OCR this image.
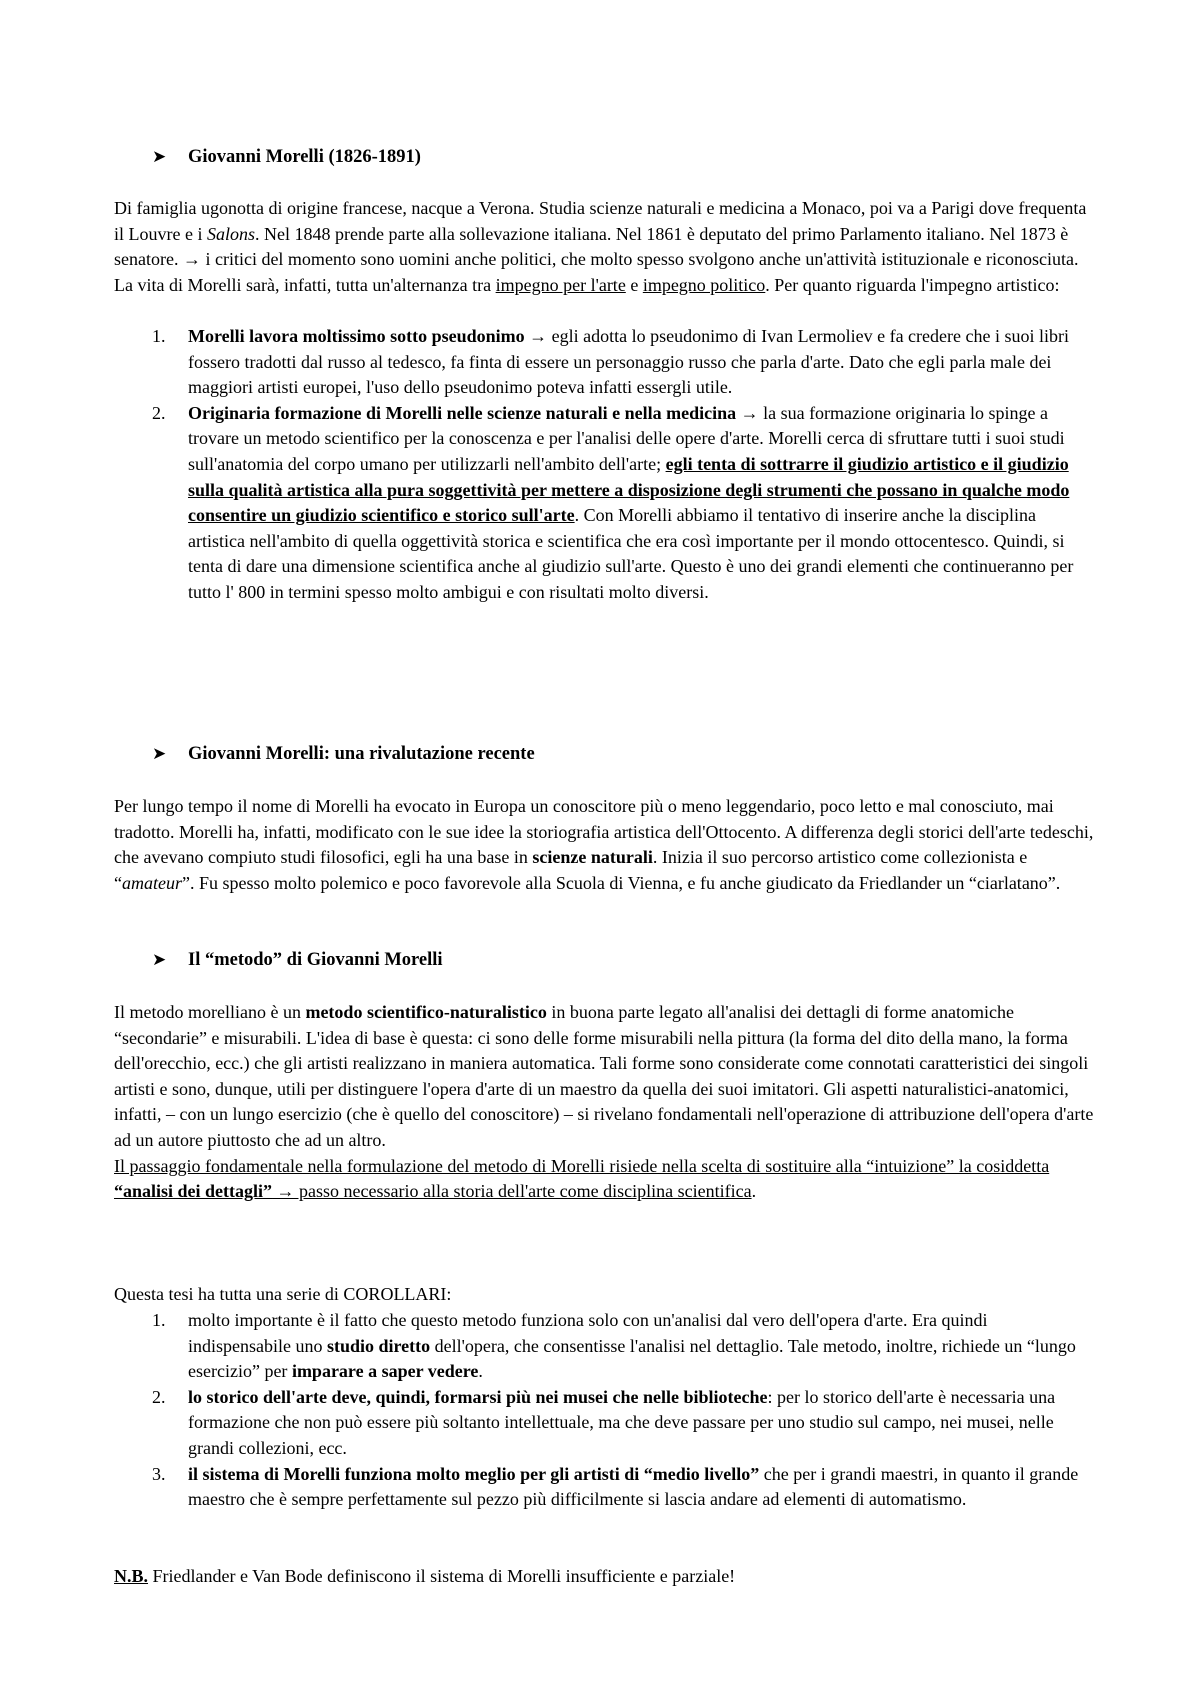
➤ Giovanni Morelli (1826-1891)

Di famiglia ugonotta di origine francese, nacque a Verona. Studia scienze naturali e medicina a Monaco, poi va a Parigi dove frequenta il Louvre e i Salons. Nel 1848 prende parte alla sollevazione italiana. Nel 1861 è deputato del primo Parlamento italiano. Nel 1873 è senatore. → i critici del momento sono uomini anche politici, che molto spesso svolgono anche un'attività istituzionale e riconosciuta. La vita di Morelli sarà, infatti, tutta un'alternanza tra impegno per l'arte e impegno politico. Per quanto riguarda l'impegno artistico:

1. Morelli lavora moltissimo sotto pseudonimo → egli adotta lo pseudonimo di Ivan Lermoliev e fa credere che i suoi libri fossero tradotti dal russo al tedesco, fa finta di essere un personaggio russo che parla d'arte. Dato che egli parla male dei maggiori artisti europei, l'uso dello pseudonimo poteva infatti essergli utile.
2. Originaria formazione di Morelli nelle scienze naturali e nella medicina → la sua formazione originaria lo spinge a trovare un metodo scientifico per la conoscenza e per l'analisi delle opere d'arte. Morelli cerca di sfruttare tutti i suoi studi sull'anatomia del corpo umano per utilizzarli nell'ambito dell'arte; egli tenta di sottrarre il giudizio artistico e il giudizio sulla qualità artistica alla pura soggettività per mettere a disposizione degli strumenti che possano in qualche modo consentire un giudizio scientifico e storico sull'arte. Con Morelli abbiamo il tentativo di inserire anche la disciplina artistica nell'ambito di quella oggettività storica e scientifica che era così importante per il mondo ottocentesco. Quindi, si tenta di dare una dimensione scientifica anche al giudizio sull'arte. Questo è uno dei grandi elementi che continueranno per tutto l' 800 in termini spesso molto ambigui e con risultati molto diversi.
➤ Giovanni Morelli: una rivalutazione recente

Per lungo tempo il nome di Morelli ha evocato in Europa un conoscitore più o meno leggendario, poco letto e mal conosciuto, mai tradotto. Morelli ha, infatti, modificato con le sue idee la storiografia artistica dell'Ottocento. A differenza degli storici dell'arte tedeschi, che avevano compiuto studi filosofici, egli ha una base in scienze naturali. Inizia il suo percorso artistico come collezionista e “amateur”. Fu spesso molto polemico e poco favorevole alla Scuola di Vienna, e fu anche giudicato da Friedlander un “ciarlatano”.

➤ Il “metodo” di Giovanni Morelli

Il metodo morelliano è un metodo scientifico-naturalistico in buona parte legato all'analisi dei dettagli di forme anatomiche “secondarie” e misurabili. L'idea di base è questa: ci sono delle forme misurabili nella pittura (la forma del dito della mano, la forma dell'orecchio, ecc.) che gli artisti realizzano in maniera automatica. Tali forme sono considerate come connotati caratteristici dei singoli artisti e sono, dunque, utili per distinguere l'opera d'arte di un maestro da quella dei suoi imitatori. Gli aspetti naturalistici-anatomici, infatti, – con un lungo esercizio (che è quello del conoscitore) – si rivelano fondamentali nell'operazione di attribuzione dell'opera d'arte ad un autore piuttosto che ad un altro.
Il passaggio fondamentale nella formulazione del metodo di Morelli risiede nella scelta di sostituire alla “intuizione” la cosiddetta “analisi dei dettagli” → passo necessario alla storia dell'arte come disciplina scientifica.

Questa tesi ha tutta una serie di COROLLARI:

1. molto importante è il fatto che questo metodo funziona solo con un'analisi dal vero dell'opera d'arte. Era quindi indispensabile uno studio diretto dell'opera, che consentisse l'analisi nel dettaglio. Tale metodo, inoltre, richiede un “lungo esercizio” per imparare a saper vedere.
2. lo storico dell'arte deve, quindi, formarsi più nei musei che nelle biblioteche: per lo storico dell'arte è necessaria una formazione che non può essere più soltanto intellettuale, ma che deve passare per uno studio sul campo, nei musei, nelle grandi collezioni, ecc.
3. il sistema di Morelli funziona molto meglio per gli artisti di “medio livello” che per i grandi maestri, in quanto il grande maestro che è sempre perfettamente sul pezzo più difficilmente si lascia andare ad elementi di automatismo.

N.B. Friedlander e Van Bode definiscono il sistema di Morelli insufficiente e parziale!
